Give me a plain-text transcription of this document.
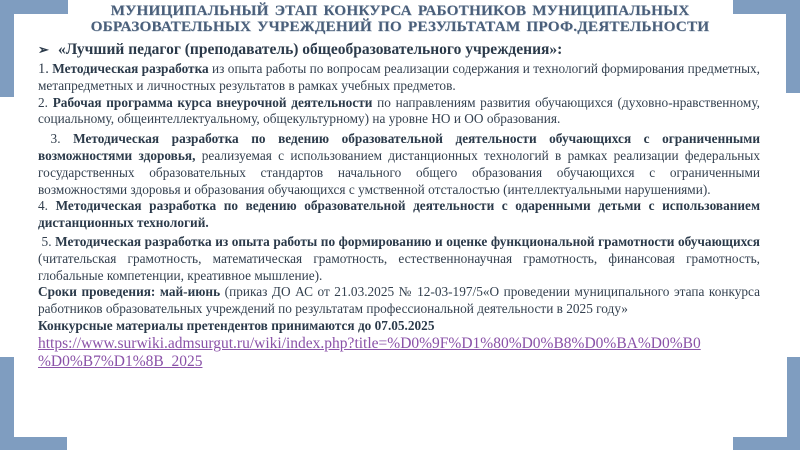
МУНИЦИПАЛЬНЫЙ ЭТАП КОНКУРСА РАБОТНИКОВ МУНИЦИПАЛЬНЫХ
ОБРАЗОВАТЕЛЬНЫХ УЧРЕЖДЕНИЙ ПО РЕЗУЛЬТАТАМ ПРОФ.ДЕЯТЕЛЬНОСТИ

➢ «Лучший педагог (преподаватель) общеобразовательного учреждения»:

1. Методическая разработка из опыта работы по вопросам реализации содержания и технологий формирования предметных, метапредметных и личностных результатов в рамках учебных предметов.

2. Рабочая программа курса внеурочной деятельности по направлениям развития обучающихся (духовно-нравственному, социальному, общеинтеллектуальному, общекультурному) на уровне НО и ОО образования.

3. Методическая разработка по ведению образовательной деятельности обучающихся с ограниченными возможностями здоровья, реализуемая с использованием дистанционных технологий в рамках реализации федеральных государственных образовательных стандартов начального общего образования обучающихся с ограниченными возможностями здоровья и образования обучающихся с умственной отсталостью (интеллектуальными нарушениями).

4. Методическая разработка по ведению образовательной деятельности с одаренными детьми с использованием дистанционных технологий.

5. Методическая разработка из опыта работы по формированию и оценке функциональной грамотности обучающихся (читательская грамотность, математическая грамотность, естественнонаучная грамотность, финансовая грамотность, глобальные компетенции, креативное мышление).

Сроки проведения: май-июнь (приказ ДО АС от 21.03.2025 № 12-03-197/5«О проведении муниципального этапа конкурса работников образовательных учреждений по результатам профессиональной деятельности в 2025 году»

Конкурсные материалы претендентов принимаются до 07.05.2025

https://www.surwiki.admsurgut.ru/wiki/index.php?title=%D0%9F%D1%80%D0%B8%D0%BA%D0%B0
%D0%B7%D1%8B_2025
